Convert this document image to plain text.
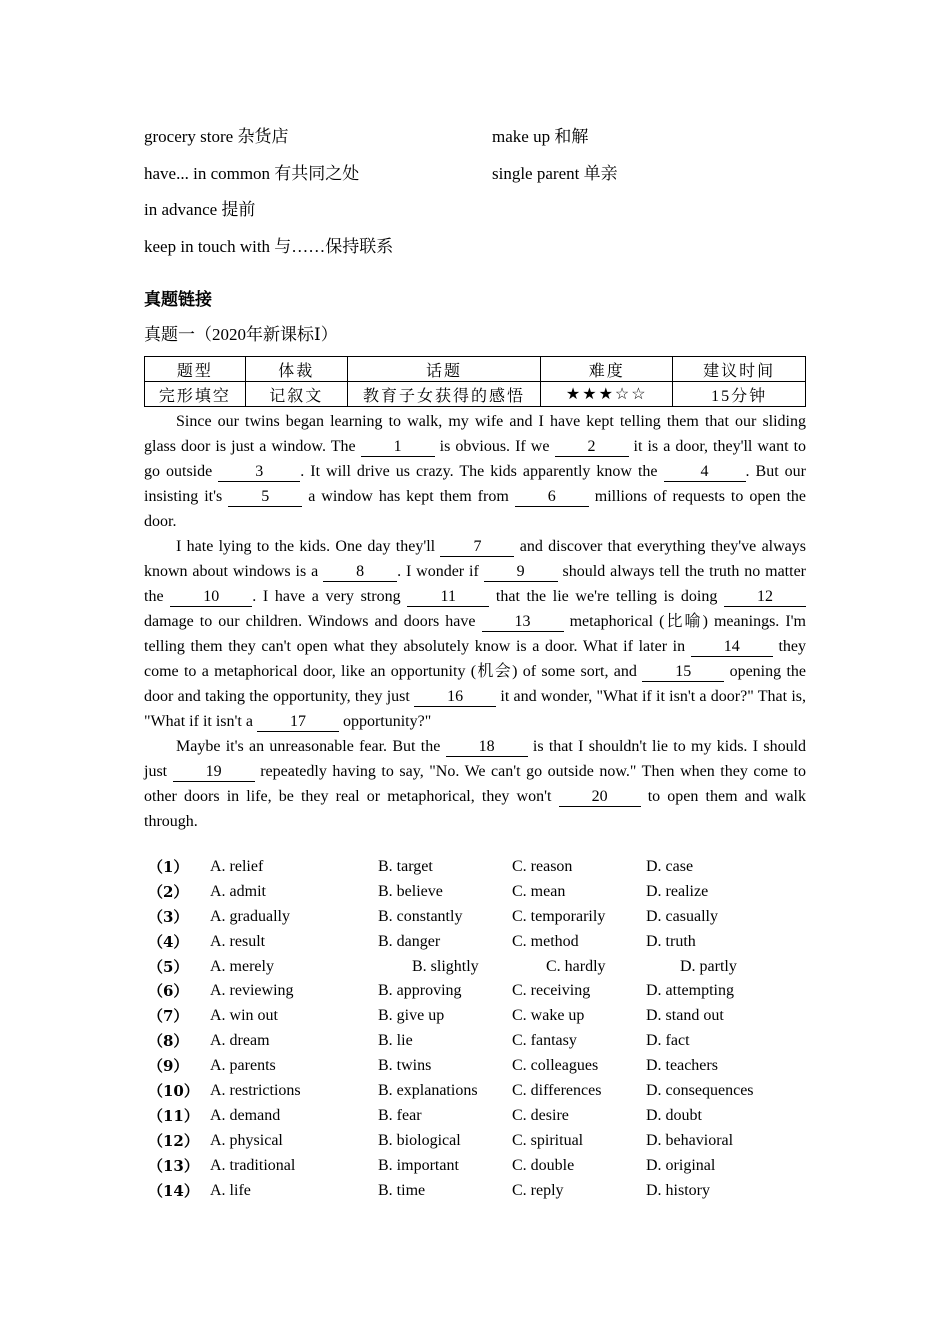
grocery store 杂货店	make up 和解
have... in common 有共同之处	single parent 单亲
in advance 提前
keep in touch with 与……保持联系
真题链接
真题一（2020年新课标Ⅰ）
题型	体裁	话题	难度	建议时间
完形填空	记叙文	教育子女获得的感悟	★★★☆☆	15分钟

Since our twins began learning to walk, my wife and I have kept telling them that our sliding glass door is just a window. The 1 is obvious. If we 2 it is a door, they'll want to go outside 3 . It will drive us crazy. The kids apparently know the 4 . But our insisting it's 5 a window has kept them from 6 millions of requests to open the door.

I hate lying to the kids. One day they'll 7 and discover that everything they've always known about windows is a 8 . I wonder if 9 should always tell the truth no matter the 10 . I have a very strong 11 that the lie we're telling is doing 12 damage to our children. Windows and doors have 13 metaphorical (比喻) meanings. I'm telling them they can't open what they absolutely know is a door. What if later in 14 they come to a metaphorical door, like an opportunity (机会) of some sort, and 15 opening the door and taking the opportunity, they just 16 it and wonder, "What if it isn't a door?" That is, "What if it isn't a 17 opportunity?"

Maybe it's an unreasonable fear. But the 18 is that I shouldn't lie to my kids. I should just 19 repeatedly having to say, "No. We can't go outside now." Then when they come to other doors in life, be they real or metaphorical, they won't 20 to open them and walk through.

（1） A. relief	B. target	C. reason	D. case
（2） A. admit	B. believe	C. mean	D. realize
（3） A. gradually	B. constantly	C. temporarily	D. casually
（4） A. result	B. danger	C. method	D. truth
（5） A. merely	B. slightly	C. hardly	D. partly
（6） A. reviewing	B. approving	C. receiving	D. attempting
（7） A. win out	B. give up	C. wake up	D. stand out
（8） A. dream	B. lie	C. fantasy	D. fact
（9） A. parents	B. twins	C. colleagues	D. teachers
（10） A. restrictions	B. explanations C. differences	D. consequences
（11） A. demand	B. fear	C. desire	D. doubt
（12） A. physical	B. biological	C. spiritual	D. behavioral
（13） A. traditional	B. important	C. double	D. original
（14） A. life	B. time	C. reply	D. history
